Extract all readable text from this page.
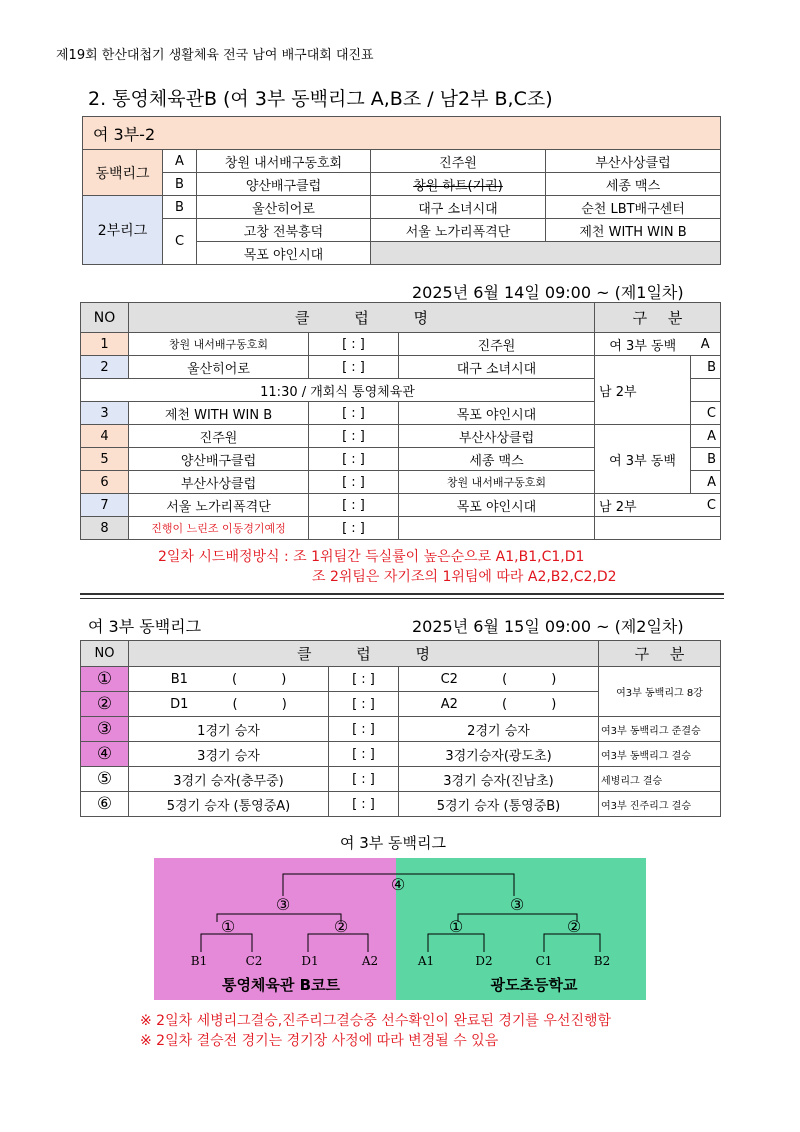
제19회 한산대첩기 생활체육 전국 남여 배구대회 대진표
2. 통영체육관B (여 3부 동백리그 A,B조 / 남2부 B,C조)
여 3부-2				
동백리그	A	창원 내서배구동호회	진주원	부산사상클럽
	B	양산배구클럽	창원 하트(기권)	세종 맥스
2부리그	B	울산히어로	대구 소녀시대	순천 LBT배구센터
	C	고창 전북흥덕	서울 노가리폭격단	제천 WITH WIN B
		목포 야인시대		
2025년 6월 14일 09:00 ~ (제1일차)
NO	클 럽 명			구 분	
1	창원 내서배구동호회	[ : ]	진주원	여 3부 동백	A
2	울산히어로	[ : ]	대구 소녀시대	남 2부	B
11:30 / 개회식 통영체육관					
3	제천 WITH WIN B	[ : ]	목포 야인시대		C
4	진주원	[ : ]	부산사상클럽	여 3부 동백	A
5	양산배구클럽	[ : ]	세종 맥스		B
6	부산사상클럽	[ : ]	창원 내서배구동호회		A
7	서울 노가리폭격단	[ : ]	목포 야인시대	남 2부	C
8	진행이 느린조 이동경기예정	[ : ]			
2일차 시드배정방식 : 조 1위팀간 득실률이 높은순으로 A1,B1,C1,D1
조 2위팀은 자기조의 1위팀에 따라 A2,B2,C2,D2
여 3부 동백리그	2025년 6월 15일 09:00 ~ (제2일차)
NO	클 럽 명			구 분
①	B1 ( )	[ : ]	C2 ( )	여3부 동백리그 8강
②	D1 ( )	[ : ]	A2 ( )	
③	1경기 승자	[ : ]	2경기 승자	여3부 동백리그 준결승
④	3경기 승자	[ : ]	3경기승자(광도초)	여3부 동백리그 결승
⑤	3경기 승자(충무중)	[ : ]	3경기 승자(진남초)	세병리그 결승
⑥	5경기 승자 (통영중A)	[ : ]	5경기 승자 (통영중B)	여3부 진주리그 결승
여 3부 동백리그
④
③	③
①	②	①	②
B1	C2	D1	A2	A1	D2	C1	B2
통영체육관 B코트	광도초등학교
※ 2일차 세병리그결승,진주리그결승중 선수확인이 완료된 경기를 우선진행함
※ 2일차 결승전 경기는 경기장 사정에 따라 변경될 수 있음
